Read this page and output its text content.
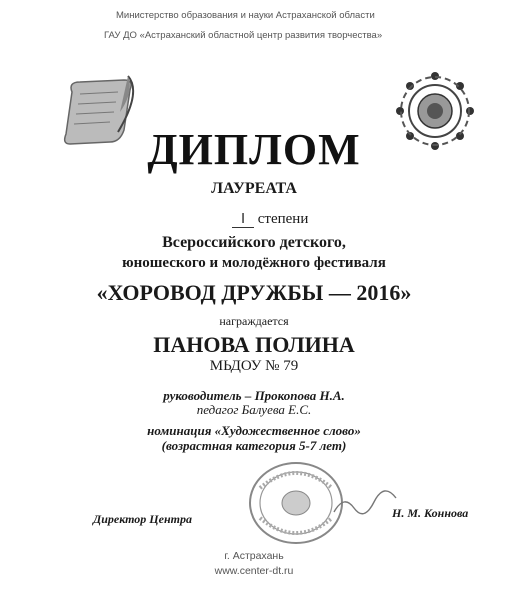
Министерство образования и науки Астраханской области
ГАУ ДО «Астраханский областной центр развития творчества»
ДИПЛОМ
ЛАУРЕАТА
I степени
Всероссийского детского,
юношеского и молодёжного фестиваля
«ХОРОВОД ДРУЖБЫ — 2016»
награждается
ПАНОВА ПОЛИНА
МЬДОУ № 79
руководитель – Прокопова Н.А.
педагог Балуева Е.С.
номинация «Художественное слово»
(возрастная категория 5-7 лет)
Директор Центра	Н. М. Коннова
г. Астрахань
www.center-dt.ru
